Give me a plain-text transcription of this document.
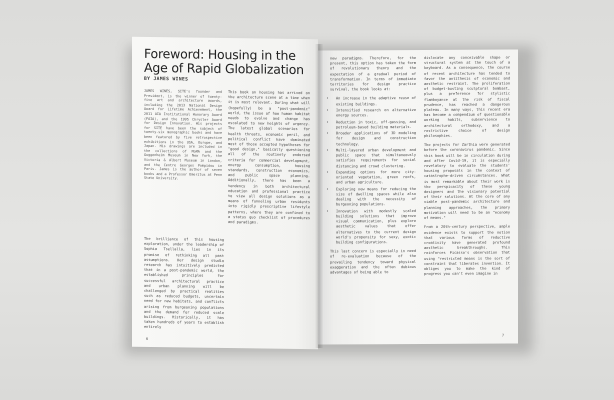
Foreword: Housing in the Age of Rapid Globalization
BY JAMES WINES

JAMES WINES, SITE's founder and President, is the winner of twenty-five art and architecture awards, including the 2013 National Design Award for Lifetime Achievement, the 2011 AIA Institutional Honorary Award (FAIA), and the 1995 Chrysler Award for Design Innovation. His projects for SITE have been the subject of twenty-six monographic books and have been featured by five retrospective exhibitions in the USA, Europe, and Japan. His drawings are included in the collections of MoMA and the Guggenheim Museum in New York, the Victoria & Albert Museum in London, and the Centre Georges Pompidou in Paris. James is the author of seven books and a Professor Emeritus at Penn State University.

This book on housing has arrived on the architecture scene at a time when it is most relevant. During what will (hopefully) be a "post-pandemic" world, the issue of how human habitat needs to evolve and change has escalated to new heights of urgency. The latest global scenarios for health threats, economic peril, and political conflict have dominated most of those accepted hypotheses for "good design," basically questioning all of the routinely endorsed criteria for commercial development, energy consumption, housing standards, construction economics, and public space planning. Additionally, there has been a tendency in both architectural education and professional practice to view all design solutions as a means of funneling urban residents into rigidly prescriptive lifestyle patterns, where they are confined to a status quo checklist of procedures and paradigms.

The brilliance of this housing exploration, under the leadership of Sophia Tsellalla, lies in its promise of rethinking all past assumptions. Her design studio research has intuitively predicted that in a post-pandemic world, the established principles for successful architectural practice and urban planning will be challenged by practical realities such as reduced budgets, uncertain need for new habitats, and conflicts arising from burgeoning populations and the demand for reduced scale buildings. Historically, it has taken hundreds of years to establish entirely

6

new paradigms. Therefore, for the present, this option has taken the form of revolutionary theory and the expectation of a gradual period of transformation. In terms of immediate territories for design practice survival, the book looks at:

• An increase in the adaptive reuse of existing buildings.
• Intensified research on alternative energy sources.
• Reduction in toxic, off-gassing, and petroleum-based building materials.
• Broader applications of 3D modeling for design and construction technology.
• Multi-layered urban development and public space that simultaneously satisfies requirements for social distancing and crowd clustering.
• Expanding options for more city-oriented vegetation, green roofs, and urban agriculture.
• Exploring new means for reducing the size of dwelling spaces while also dealing with the necessity of burgeoning populations.
• Innovation with modestly scaled building solutions that improve visual communication, plus explore aesthetic values that offer alternatives to the current design world's propensity for sexy, exotic building configurations.

This last concern is especially in need of re-evaluation because of the prevailing tendency toward physical exaggeration and the often dubious advantages of being able to

dislocate any conceivable shape or structural system at the touch of a keyboard. As a consequence, the course of recent architecture has tended to favor the antithesis of economic and aesthetic restraint. The proliferation of budget-busting sculptural bombast, plus a preference for stylistic flamboyance at the risk of fiscal prudence, has reached a dangerous plateau. In many ways, this recent era has become a compendium of questionable working habits, subservience to architectural orthodoxy, and a restrictive choice of design philosophies.

The projects for Zarthia were generated before the coronavirus pandemic. Since this book will be in circulation during and after Covid-19, it is especially revelatory to evaluate the students' housing proposals in the context of catastrophe-driven circumstances. What is most remarkable about their work is the perspicacity of these young designers and the visionary potential of their solutions. At the core of any viable post-pandemic architecture and planning approaches, the primary motivation will need to be an "economy of means."

From a 20th-century perspective, ample evidence exists to support the notion that various forms of reductive creativity have generated profound aesthetic breakthroughs. This reinforces Picasso's observation that using "restricted means is the sort of constraint that liberates invention. It obliges you to make the kind of progress you can't even imagine in

7
